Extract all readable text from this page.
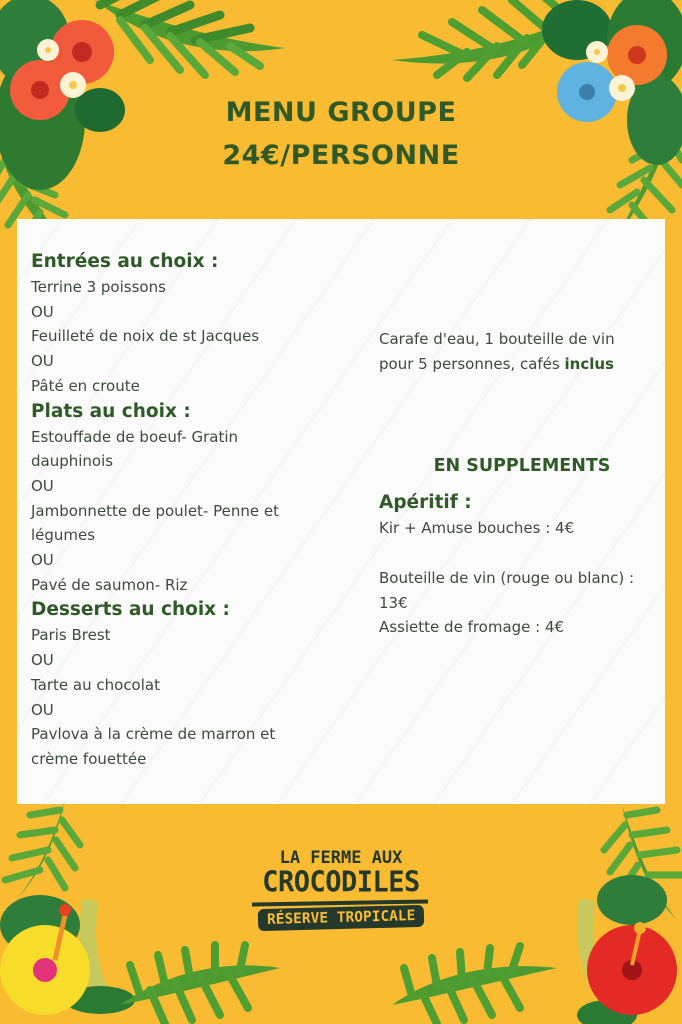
MENU GROUPE
24€/PERSONNE

Entrées au choix :

Terrine 3 poissons

OU

Feuilleté de noix de st Jacques

OU

Pâté en croute

Plats au choix :

Estouffade de boeuf- Gratin

dauphinois

OU

Jambonnette de poulet- Penne et

légumes

OU

Pavé de saumon- Riz

Desserts au choix :

Paris Brest

OU

Tarte au chocolat

OU

Pavlova à la crème de marron et

crème fouettée

Carafe d'eau, 1 bouteille de vin

pour 5 personnes, cafés inclus

EN SUPPLEMENTS

Apéritif :

Kir + Amuse bouches : 4€

Bouteille de vin (rouge ou blanc) :

13€

Assiette de fromage : 4€

LA FERME AUX
CROCODILES
RÉSERVE TROPICALE
